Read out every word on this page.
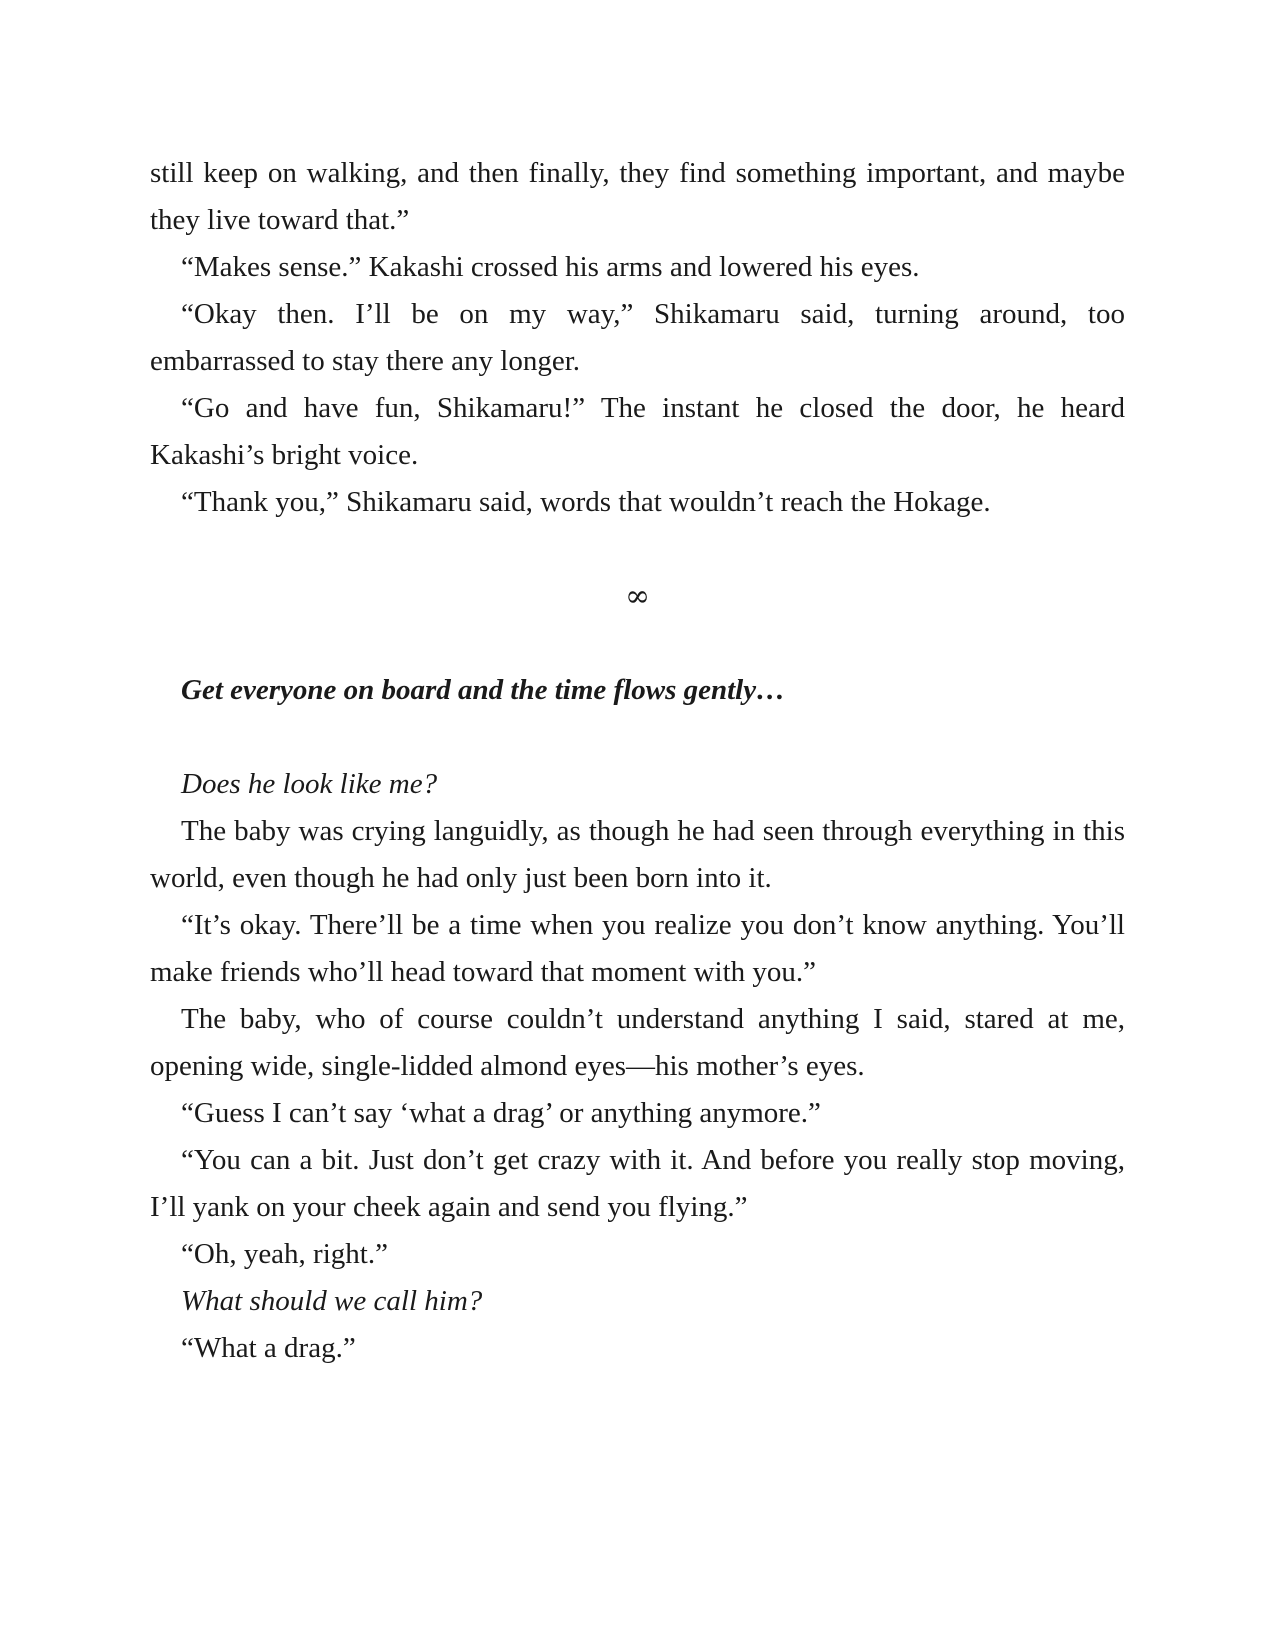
still keep on walking, and then finally, they find something important, and maybe they live toward that.”

“Makes sense.” Kakashi crossed his arms and lowered his eyes.

“Okay then. I’ll be on my way,” Shikamaru said, turning around, too embarrassed to stay there any longer.

“Go and have fun, Shikamaru!” The instant he closed the door, he heard Kakashi’s bright voice.

“Thank you,” Shikamaru said, words that wouldn’t reach the Hokage.

∞

Get everyone on board and the time flows gently…

Does he look like me?

The baby was crying languidly, as though he had seen through everything in this world, even though he had only just been born into it.

“It’s okay. There’ll be a time when you realize you don’t know anything. You’ll make friends who’ll head toward that moment with you.”

The baby, who of course couldn’t understand anything I said, stared at me, opening wide, single-lidded almond eyes—his mother’s eyes.

“Guess I can’t say ‘what a drag’ or anything anymore.”

“You can a bit. Just don’t get crazy with it. And before you really stop moving, I’ll yank on your cheek again and send you flying.”

“Oh, yeah, right.”

What should we call him?

“What a drag.”
